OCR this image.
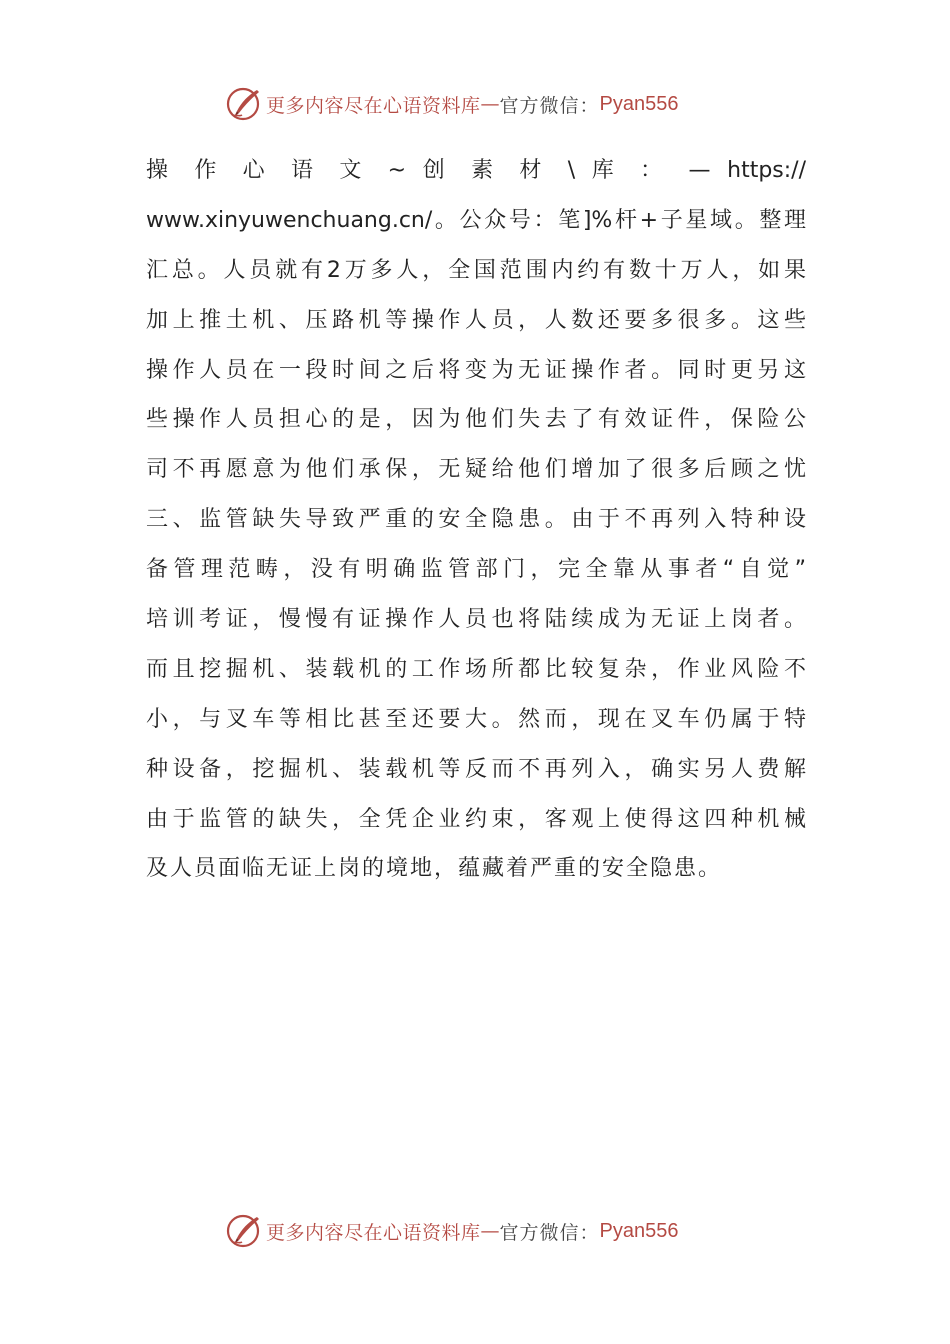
更多内容尽在心语资料库 — 官方微信： Pyan556
操 作 心 语 文 ~ 创 素 材 \ 库 ： — https://
www.xinyuwenchuang.cn/。公众号：笔]%杆+子星域。整理
汇总。人员就有2万多人，全国范围内约有数十万人，如果
加上推土机、压路机等操作人员，人数还要多很多。这些
操作人员在一段时间之后将变为无证操作者。同时更另这
些操作人员担心的是，因为他们失去了有效证件，保险公
司不再愿意为他们承保，无疑给他们增加了很多后顾之忧
三、监管缺失导致严重的安全隐患。由于不再列入特种设
备管理范畴，没有明确监管部门，完全靠从事者“自觉”
培训考证，慢慢有证操作人员也将陆续成为无证上岗者。
而且挖掘机、装载机的工作场所都比较复杂，作业风险不
小，与叉车等相比甚至还要大。然而，现在叉车仍属于特
种设备，挖掘机、装载机等反而不再列入，确实另人费解
由于监管的缺失，全凭企业约束，客观上使得这四种机械
及人员面临无证上岗的境地，蕴藏着严重的安全隐患。
更多内容尽在心语资料库 — 官方微信： Pyan556
